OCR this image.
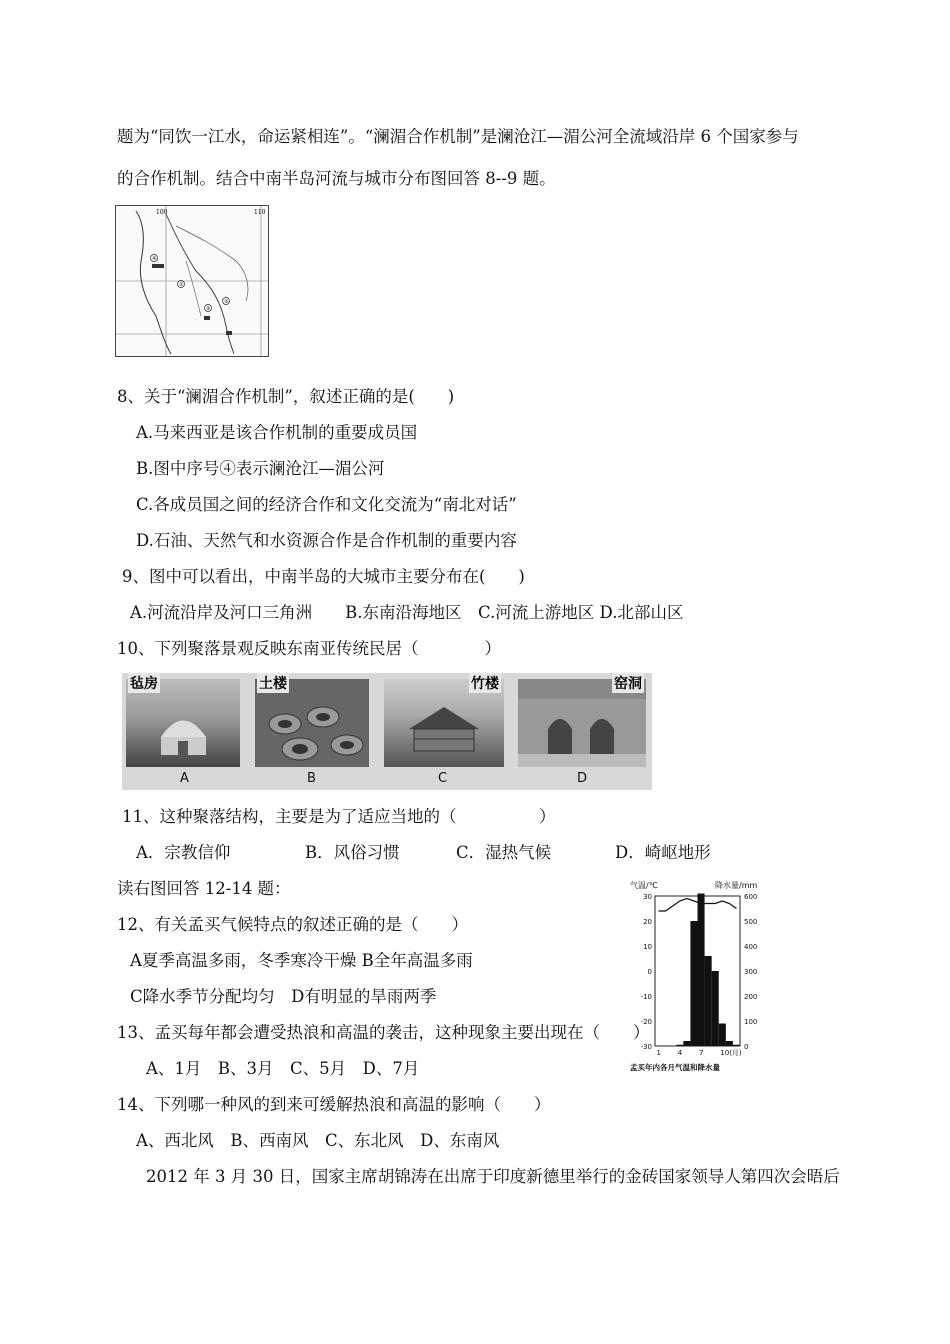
题为“同饮一江水，命运紧相连”。“澜湄合作机制”是澜沧江—湄公河全流域沿岸 6 个国家参与
的合作机制。结合中南半岛河流与城市分布图回答 8--9 题。
100	110
④
①
②
③
8、关于“澜湄合作机制”，叙述正确的是(　　)
A.马来西亚是该合作机制的重要成员国
B.图中序号④表示澜沧江—湄公河
C.各成员国之间的经济合作和文化交流为“南北对话”
D.石油、天然气和水资源合作是合作机制的重要内容
9、图中可以看出，中南半岛的大城市主要分布在(　　)
A.河流沿岸及河口三角洲　　B.东南沿海地区　C.河流上游地区 D.北部山区
10、下列聚落景观反映东南亚传统民居（　　　　）
毡房
A
土楼
B
竹楼
C
窑洞
D
11、这种聚落结构，主要是为了适应当地的（　　　　　）
A．宗教信仰	B．风俗习惯	C．湿热气候	D．崎岖地形
读右图回答 12-14 题：
12、有关孟买气候特点的叙述正确的是（　　）
A夏季高温多雨，冬季寒冷干燥 B全年高温多雨
C降水季节分配均匀　D有明显的旱雨两季
13、孟买每年都会遭受热浪和高温的袭击，这种现象主要出现在（　　）
A、1月　B、3月　C、5月　D、7月
14、下列哪一种风的到来可缓解热浪和高温的影响（　　）
A、西北风　B、西南风　C、东北风　D、东南风
2012 年 3 月 30 日，国家主席胡锦涛在出席于印度新德里举行的金砖国家领导人第四次会晤后
气温/℃	降水量/mm
30
20
10
0
-10
-20
-30
600
500
400
300
200
100
0
1 4 7 10(月)
孟买年内各月气温和降水量
